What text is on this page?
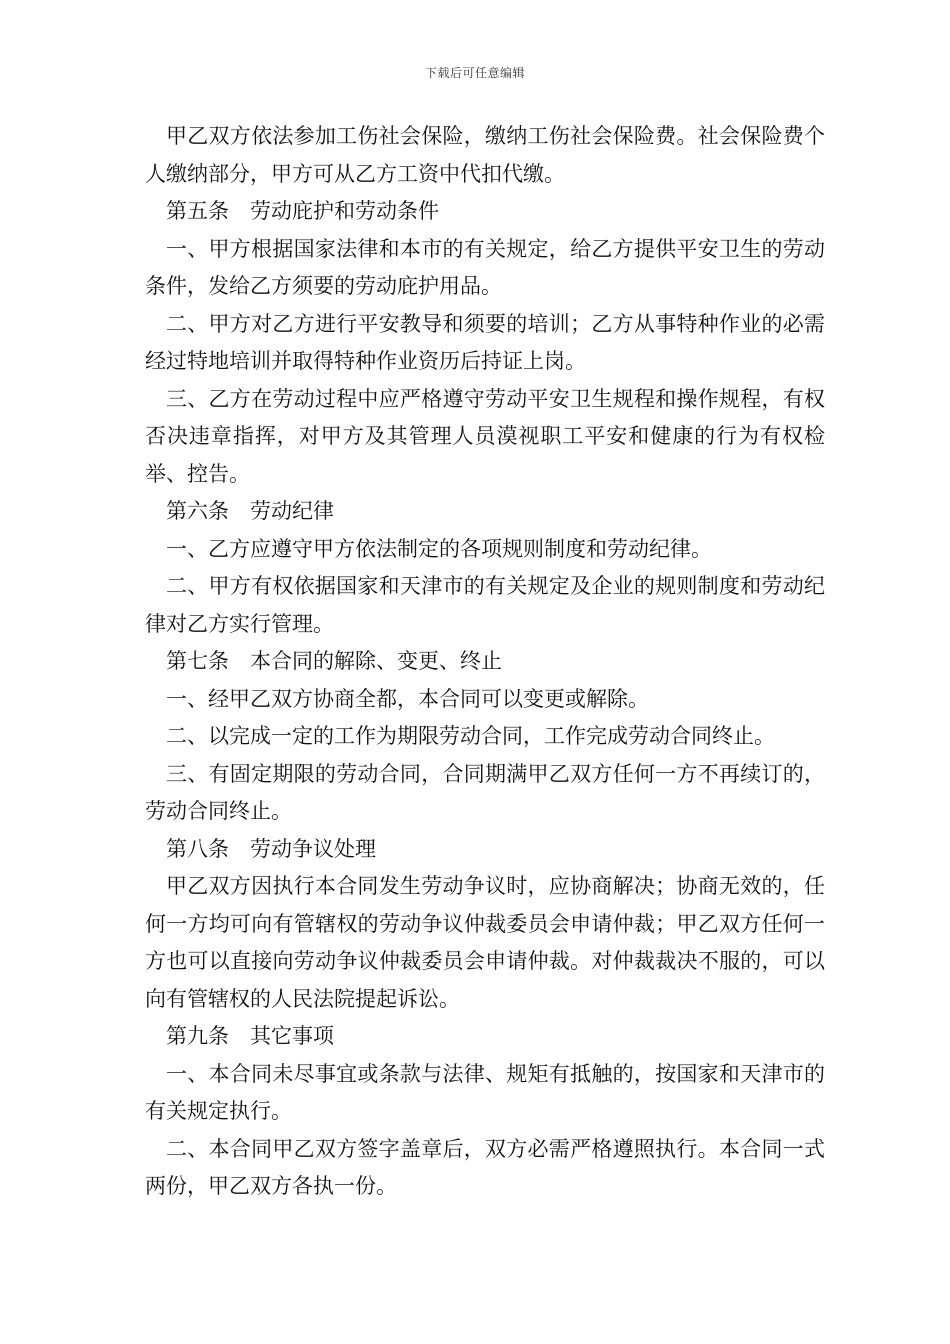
下载后可任意编辑

甲乙双方依法参加工伤社会保险，缴纳工伤社会保险费。社会保险费个人缴纳部分，甲方可从乙方工资中代扣代缴。

第五条　劳动庇护和劳动条件

一、甲方根据国家法律和本市的有关规定，给乙方提供平安卫生的劳动条件，发给乙方须要的劳动庇护用品。

二、甲方对乙方进行平安教导和须要的培训；乙方从事特种作业的必需经过特地培训并取得特种作业资历后持证上岗。

三、乙方在劳动过程中应严格遵守劳动平安卫生规程和操作规程，有权否决违章指挥，对甲方及其管理人员漠视职工平安和健康的行为有权检举、控告。

第六条　劳动纪律

一、乙方应遵守甲方依法制定的各项规则制度和劳动纪律。

二、甲方有权依据国家和天津市的有关规定及企业的规则制度和劳动纪律对乙方实行管理。

第七条　本合同的解除、变更、终止

一、经甲乙双方协商全都，本合同可以变更或解除。

二、以完成一定的工作为期限劳动合同，工作完成劳动合同终止。

三、有固定期限的劳动合同，合同期满甲乙双方任何一方不再续订的，劳动合同终止。

第八条　劳动争议处理

甲乙双方因执行本合同发生劳动争议时，应协商解决；协商无效的，任何一方均可向有管辖权的劳动争议仲裁委员会申请仲裁；甲乙双方任何一方也可以直接向劳动争议仲裁委员会申请仲裁。对仲裁裁决不服的，可以向有管辖权的人民法院提起诉讼。

第九条　其它事项

一、本合同未尽事宜或条款与法律、规矩有抵触的，按国家和天津市的有关规定执行。

二、本合同甲乙双方签字盖章后，双方必需严格遵照执行。本合同一式两份，甲乙双方各执一份。
